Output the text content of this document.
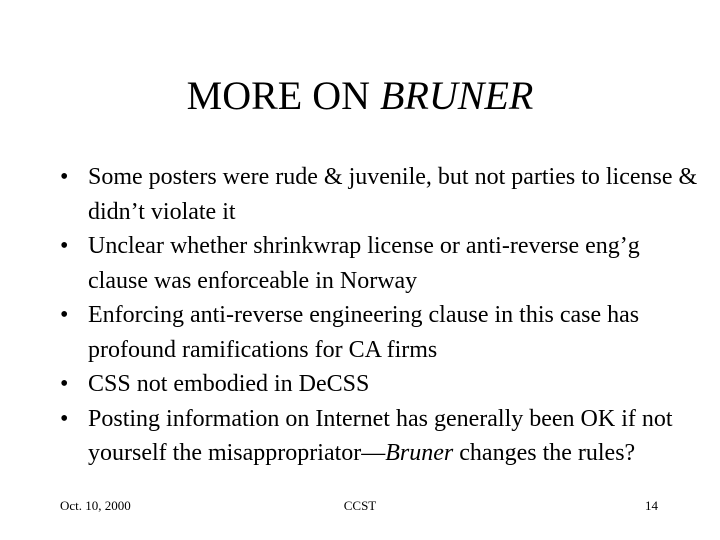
MORE ON BRUNER
• Some posters were rude & juvenile, but not parties to license & didn’t violate it
• Unclear whether shrinkwrap license or anti-reverse eng’g clause was enforceable in Norway
• Enforcing anti-reverse engineering clause in this case has profound ramifications for CA firms
• CSS not embodied in DeCSS
• Posting information on Internet has generally been OK if not yourself the misappropriator—Bruner changes the rules?
Oct. 10, 2000	CCST	14
